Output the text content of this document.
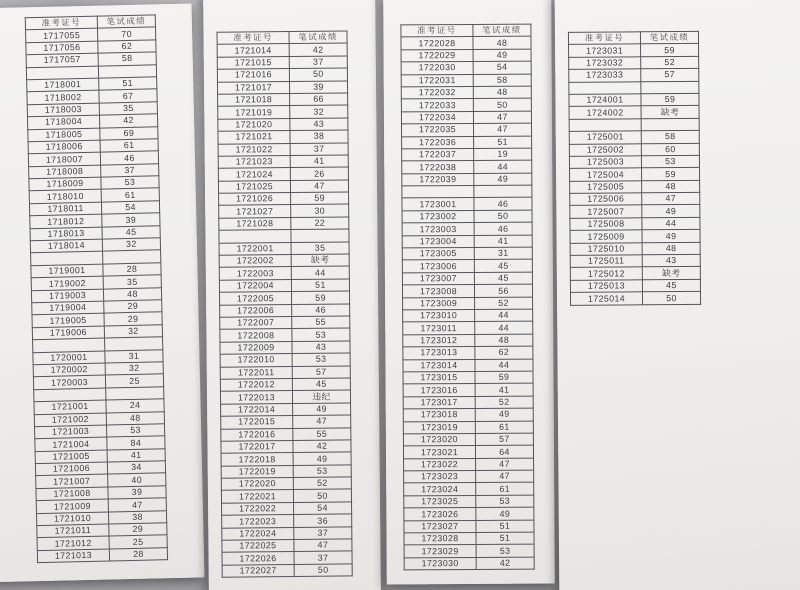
准考证号	笔试成绩
1717055	70
1717056	62
1717057	58

1718001	51
1718002	67
1718003	35
1718004	42
1718005	69
1718006	61
1718007	46
1718008	37
1718009	53
1718010	61
1718011	54
1718012	39
1718013	45
1718014	32

1719001	28
1719002	35
1719003	48
1719004	29
1719005	29
1719006	32

1720001	31
1720002	32
1720003	25

1721001	24
1721002	48
1721003	53
1721004	84
1721005	41
1721006	34
1721007	40
1721008	39
1721009	47
1721010	38
1721011	29
1721012	25
1721013	28
准考证号	笔试成绩
1721014	42
1721015	37
1721016	50
1721017	39
1721018	66
1721019	32
1721020	43
1721021	38
1721022	37
1721023	41
1721024	26
1721025	47
1721026	59
1721027	30
1721028	22

1722001	35
1722002	缺考
1722003	44
1722004	51
1722005	59
1722006	46
1722007	55
1722008	53
1722009	43
1722010	53
1722011	57
1722012	45
1722013	违纪
1722014	49
1722015	47
1722016	55
1722017	42
1722018	49
1722019	53
1722020	52
1722021	50
1722022	54
1722023	36
1722024	37
1722025	47
1722026	37
1722027	50
准考证号	笔试成绩
1722028	48
1722029	49
1722030	54
1722031	58
1722032	48
1722033	50
1722034	47
1722035	47
1722036	51
1722037	19
1722038	44
1722039	49

1723001	46
1723002	50
1723003	46
1723004	41
1723005	31
1723006	45
1723007	45
1723008	56
1723009	52
1723010	44
1723011	44
1723012	48
1723013	62
1723014	44
1723015	59
1723016	41
1723017	52
1723018	49
1723019	61
1723020	57
1723021	64
1723022	47
1723023	47
1723024	61
1723025	53
1723026	49
1723027	51
1723028	51
1723029	53
1723030	42
准考证号	笔试成绩
1723031	59
1723032	52
1723033	57

1724001	59
1724002	缺考

1725001	58
1725002	60
1725003	53
1725004	59
1725005	48
1725006	47
1725007	49
1725008	44
1725009	49
1725010	48
1725011	43
1725012	缺考
1725013	45
1725014	50
